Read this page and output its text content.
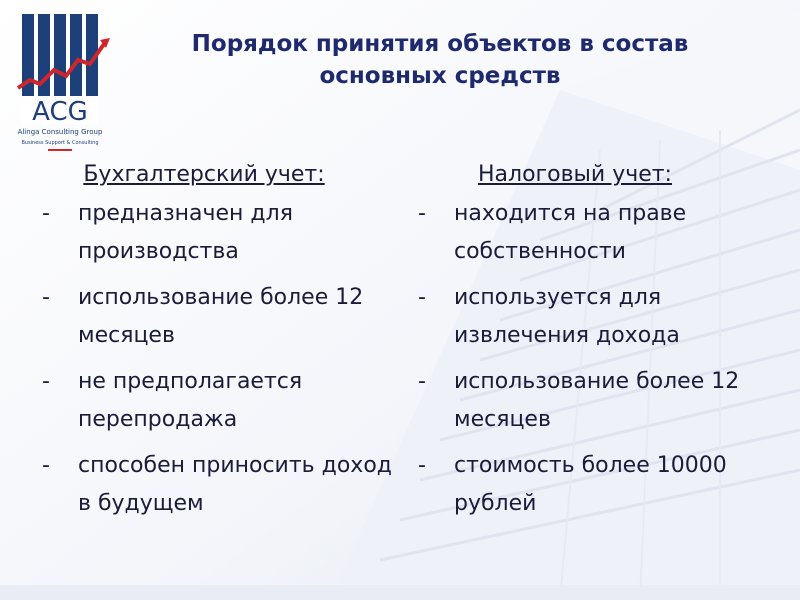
ACG
Alinga Consulting Group
Business Support & Consulting
Порядок принятия объектов в состав
основных средств
Бухгалтерский учет:
- предназначен для производства
- использование более 12 месяцев
- не предполагается перепродажа
- способен приносить доход в будущем
Налоговый учет:
- находится на праве собственности
- используется для извлечения дохода
- использование более 12 месяцев
- стоимость более 10000 рублей
